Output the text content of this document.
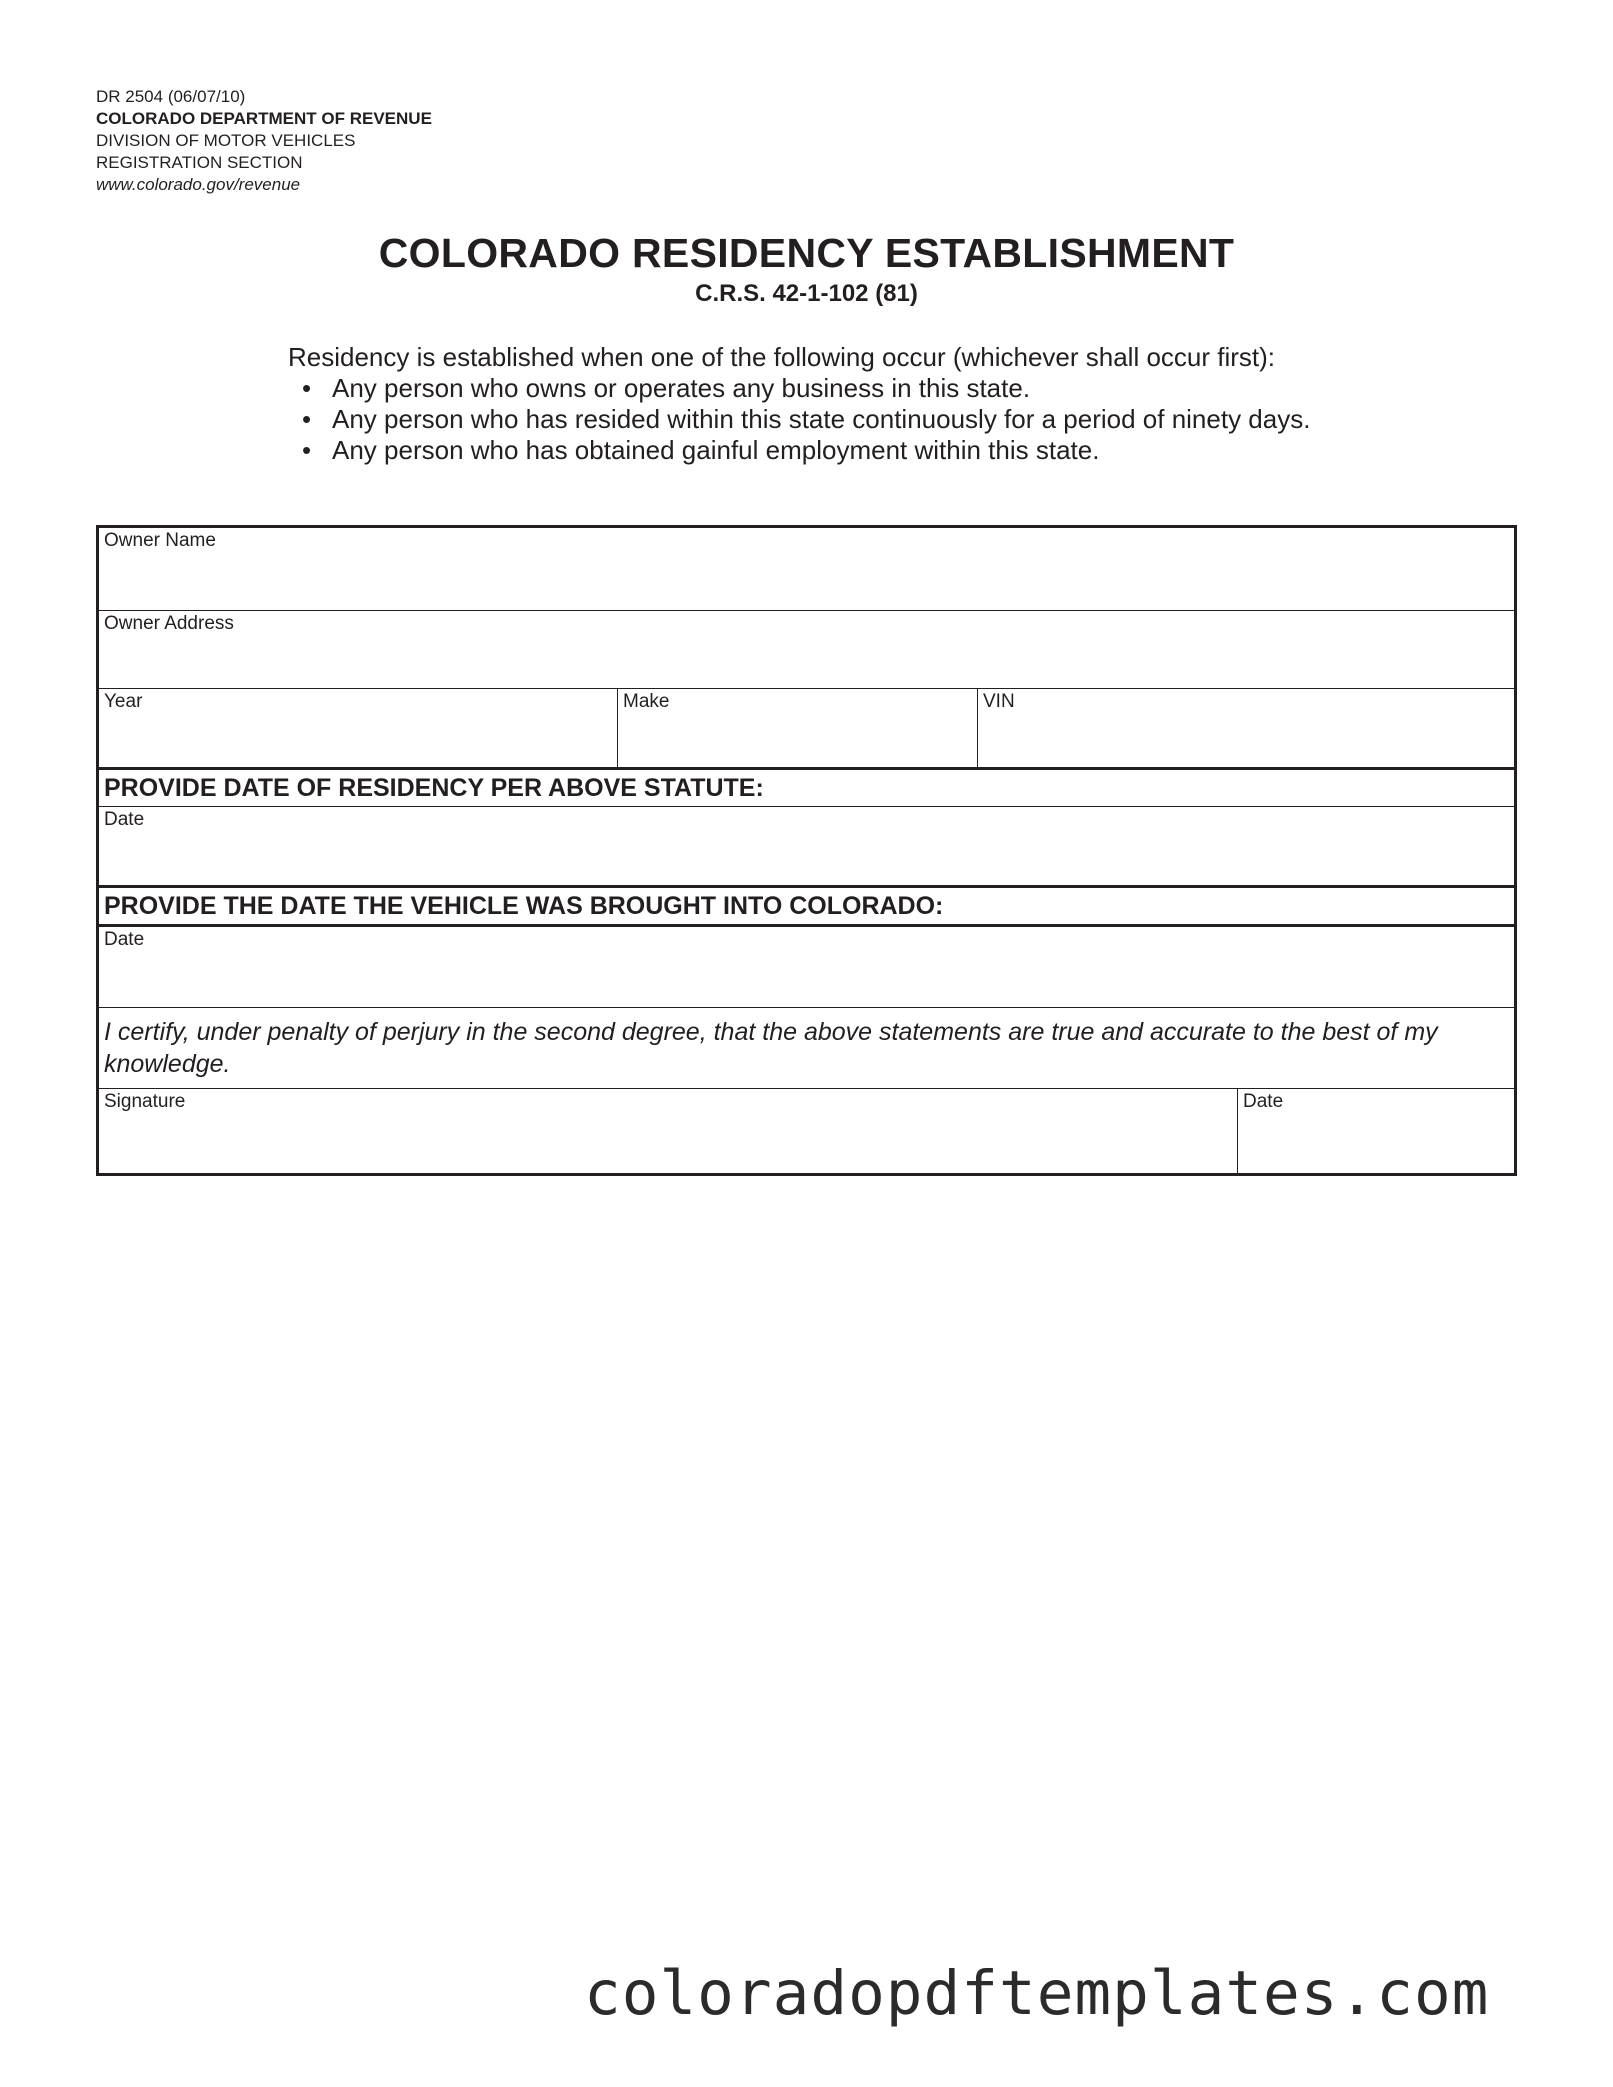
DR 2504 (06/07/10)
COLORADO DEPARTMENT OF REVENUE
DIVISION OF MOTOR VEHICLES
REGISTRATION SECTION
www.colorado.gov/revenue
COLORADO RESIDENCY ESTABLISHMENT
C.R.S. 42-1-102 (81)
Residency is established when one of the following occur (whichever shall occur first):
• Any person who owns or operates any business in this state.
• Any person who has resided within this state continuously for a period of ninety days.
• Any person who has obtained gainful employment within this state.
Owner Name
Owner Address
Year	Make	VIN
PROVIDE DATE OF RESIDENCY PER ABOVE STATUTE:
Date
PROVIDE THE DATE THE VEHICLE WAS BROUGHT INTO COLORADO:
Date
I certify, under penalty of perjury in the second degree, that the above statements are true and accurate to the best of my knowledge.
Signature	Date
coloradopdftemplates.com
